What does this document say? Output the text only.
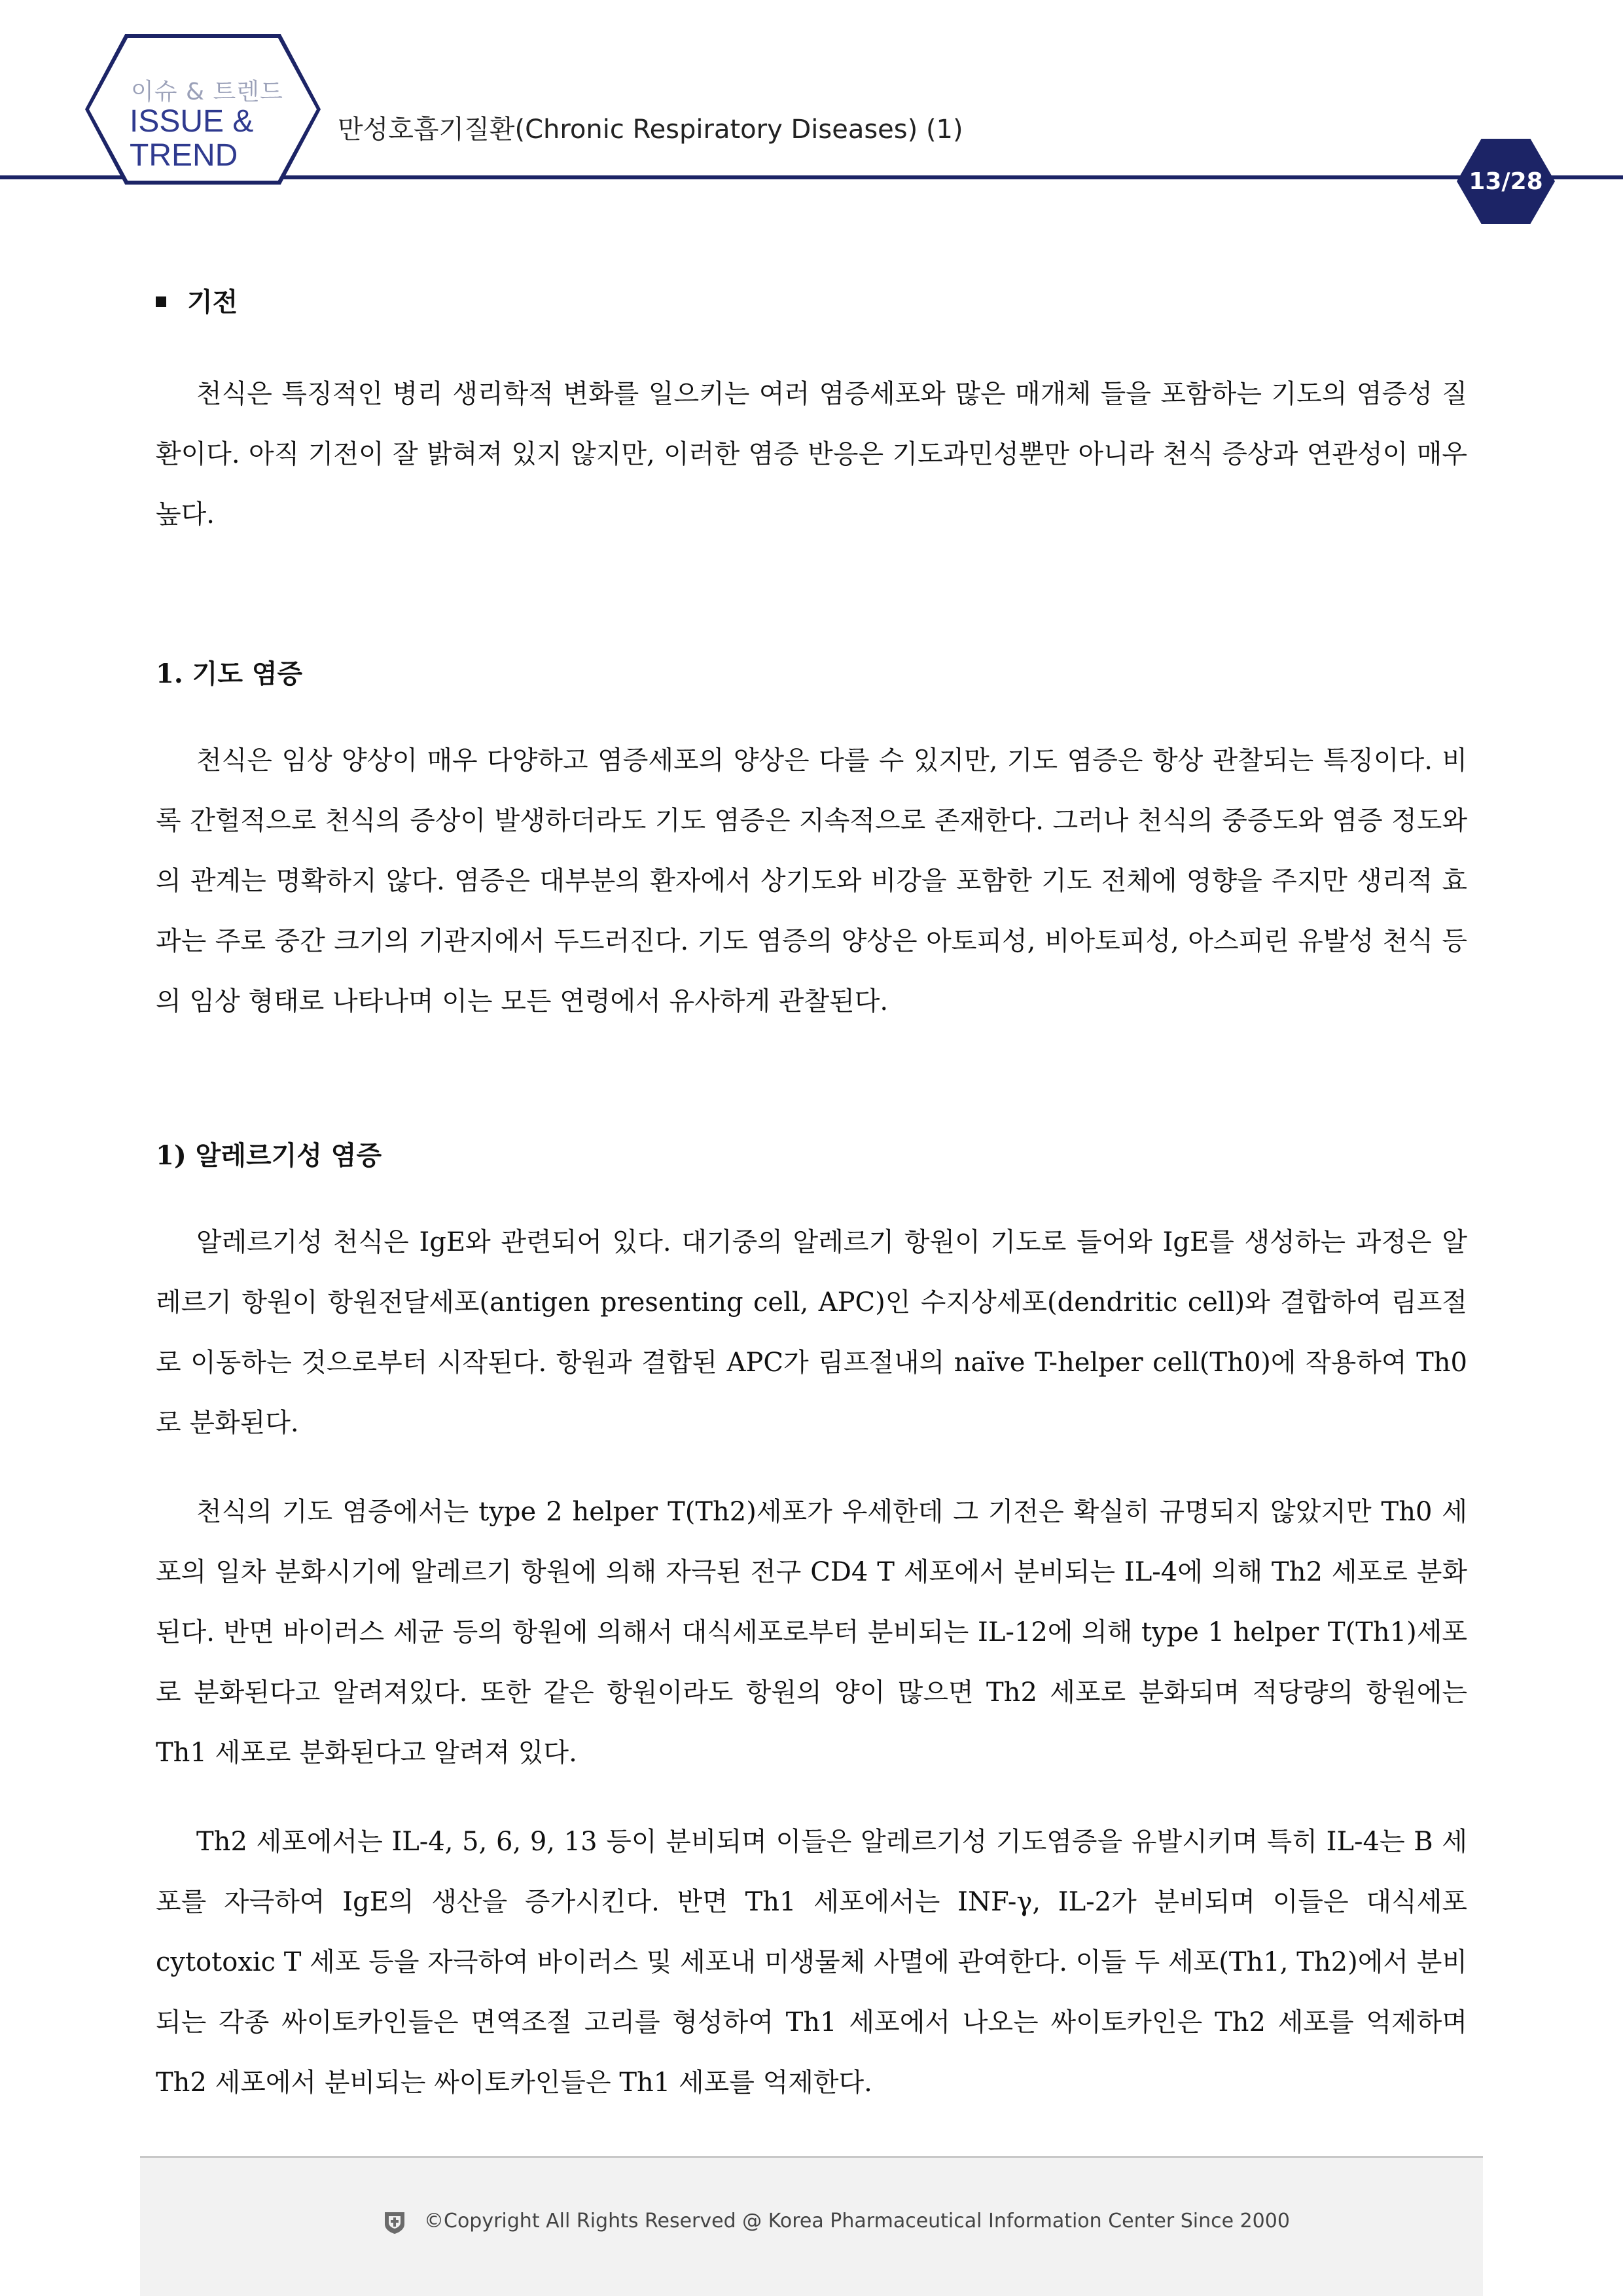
이슈 & 트렌드
ISSUE &
TREND
만성호흡기질환(Chronic Respiratory Diseases) (1)
13/28
기전

천식은 특징적인 병리 생리학적 변화를 일으키는 여러 염증세포와 많은 매개체 들을 포함하는 기도의 염증성 질환이다. 아직 기전이 잘 밝혀져 있지 않지만, 이러한 염증 반응은 기도과민성뿐만 아니라 천식 증상과 연관성이 매우 높다.

1. 기도 염증

천식은 임상 양상이 매우 다양하고 염증세포의 양상은 다를 수 있지만, 기도 염증은 항상 관찰되는 특징이다. 비록 간헐적으로 천식의 증상이 발생하더라도 기도 염증은 지속적으로 존재한다. 그러나 천식의 중증도와 염증 정도와의 관계는 명확하지 않다. 염증은 대부분의 환자에서 상기도와 비강을 포함한 기도 전체에 영향을 주지만 생리적 효과는 주로 중간 크기의 기관지에서 두드러진다. 기도 염증의 양상은 아토피성, 비아토피성, 아스피린 유발성 천식 등의 임상 형태로 나타나며 이는 모든 연령에서 유사하게 관찰된다.

1) 알레르기성 염증

알레르기성 천식은 IgE와 관련되어 있다. 대기중의 알레르기 항원이 기도로 들어와 IgE를 생성하는 과정은 알레르기 항원이 항원전달세포(antigen presenting cell, APC)인 수지상세포(dendritic cell)와 결합하여 림프절로 이동하는 것으로부터 시작된다. 항원과 결합된 APC가 림프절내의 naïve T-helper cell(Th0)에 작용하여 Th0로 분화된다.

천식의 기도 염증에서는 type 2 helper T(Th2)세포가 우세한데 그 기전은 확실히 규명되지 않았지만 Th0 세포의 일차 분화시기에 알레르기 항원에 의해 자극된 전구 CD4 T 세포에서 분비되는 IL-4에 의해 Th2 세포로 분화된다. 반면 바이러스 세균 등의 항원에 의해서 대식세포로부터 분비되는 IL-12에 의해 type 1 helper T(Th1)세포로 분화된다고 알려져있다. 또한 같은 항원이라도 항원의 양이 많으면 Th2 세포로 분화되며 적당량의 항원에는 Th1 세포로 분화된다고 알려져 있다.

Th2 세포에서는 IL-4, 5, 6, 9, 13 등이 분비되며 이들은 알레르기성 기도염증을 유발시키며 특히 IL-4는 B 세포를 자극하여 IgE의 생산을 증가시킨다. 반면 Th1 세포에서는 INF-γ, IL-2가 분비되며 이들은 대식세포 cytotoxic T 세포 등을 자극하여 바이러스 및 세포내 미생물체 사멸에 관여한다. 이들 두 세포(Th1, Th2)에서 분비되는 각종 싸이토카인들은 면역조절 고리를 형성하여 Th1 세포에서 나오는 싸이토카인은 Th2 세포를 억제하며 Th2 세포에서 분비되는 싸이토카인들은 Th1 세포를 억제한다.

©Copyright All Rights Reserved @ Korea Pharmaceutical Information Center Since 2000
